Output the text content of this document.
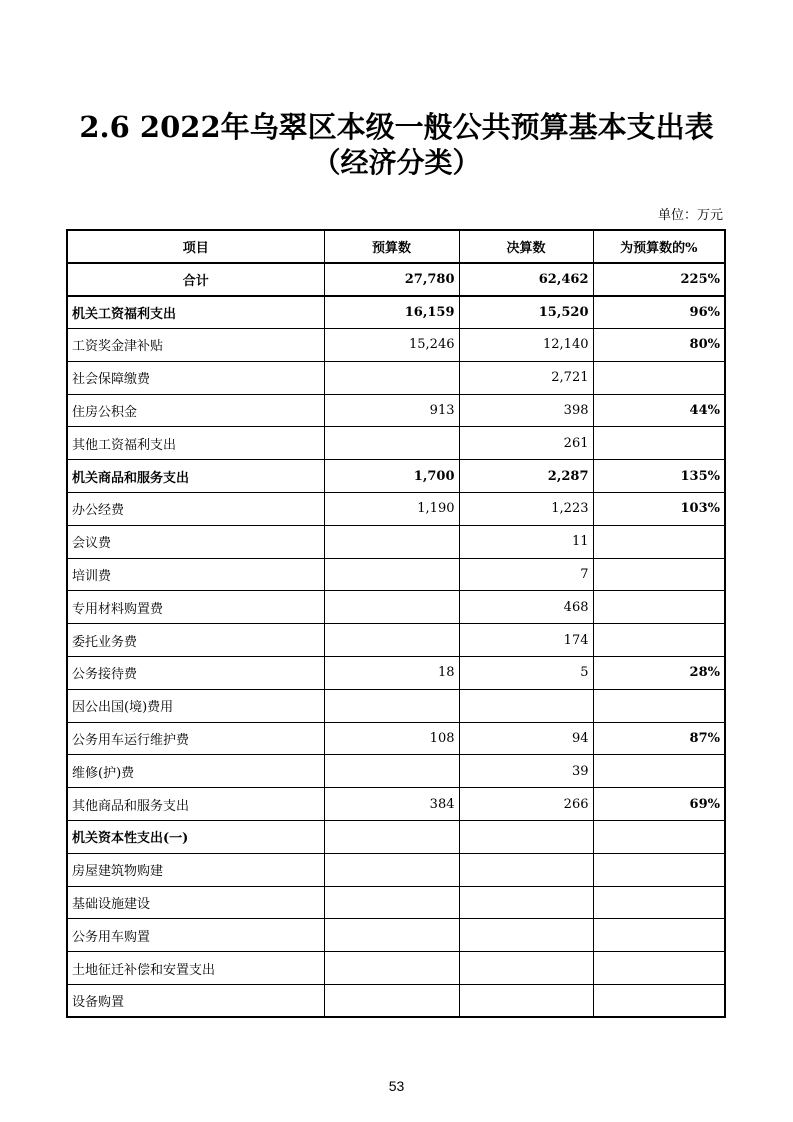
2.6 2022年乌翠区本级一般公共预算基本支出表
（经济分类）
单位：万元
项目	预算数	决算数	为预算数的%
合计	27,780	62,462	225%
机关工资福利支出	16,159	15,520	96%
工资奖金津补贴	15,246	12,140	80%
社会保障缴费		2,721	
住房公积金	913	398	44%
其他工资福利支出		261	
机关商品和服务支出	1,700	2,287	135%
办公经费	1,190	1,223	103%
会议费		11	
培训费		7	
专用材料购置费		468	
委托业务费		174	
公务接待费	18	5	28%
因公出国(境)费用			
公务用车运行维护费	108	94	87%
维修(护)费		39	
其他商品和服务支出	384	266	69%
机关资本性支出(一)			
房屋建筑物购建			
基础设施建设			
公务用车购置			
土地征迁补偿和安置支出			
设备购置			
53
